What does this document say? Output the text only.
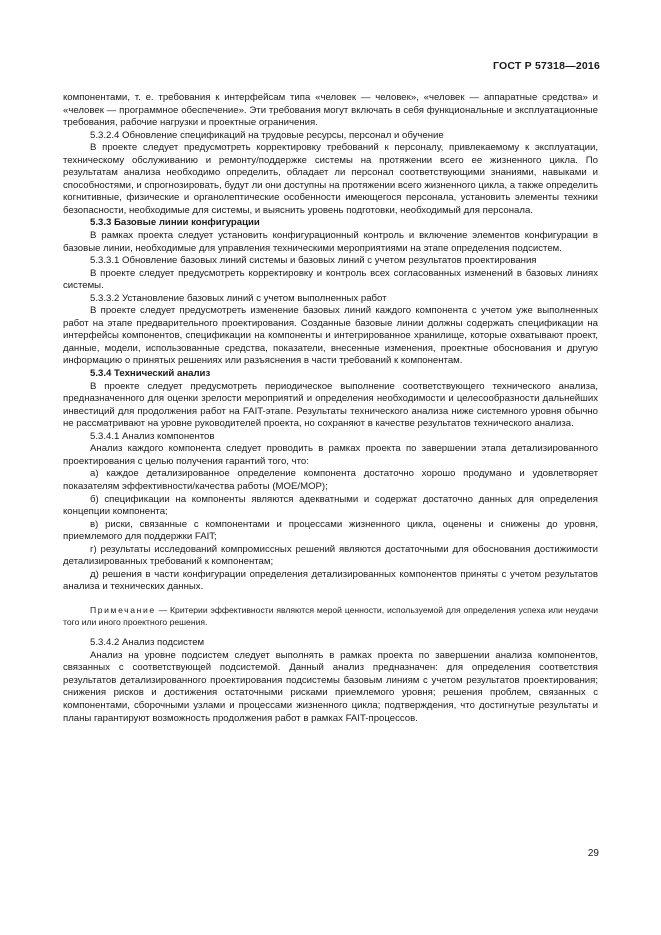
ГОСТ Р 57318—2016

компонентами, т. е. требования к интерфейсам типа «человек — человек», «человек — аппаратные средства» и «человек — программное обеспечение». Эти требования могут включать в себя функциональные и эксплуатационные требования, рабочие нагрузки и проектные ограничения.

5.3.2.4 Обновление спецификаций на трудовые ресурсы, персонал и обучение

В проекте следует предусмотреть корректировку требований к персоналу, привлекаемому к эксплуатации, техническому обслуживанию и ремонту/поддержке системы на протяжении всего ее жизненного цикла. По результатам анализа необходимо определить, обладает ли персонал соответствующими знаниями, навыками и способностями, и спрогнозировать, будут ли они доступны на протяжении всего жизненного цикла, а также определить когнитивные, физические и органолептические особенности имеющегося персонала, установить элементы техники безопасности, необходимые для системы, и выяснить уровень подготовки, необходимый для персонала.

5.3.3 Базовые линии конфигурации

В рамках проекта следует установить конфигурационный контроль и включение элементов конфигурации в базовые линии, необходимые для управления техническими мероприятиями на этапе определения подсистем.

5.3.3.1 Обновление базовых линий системы и базовых линий с учетом результатов проектирования

В проекте следует предусмотреть корректировку и контроль всех согласованных изменений в базовых линиях системы.

5.3.3.2 Установление базовых линий с учетом выполненных работ

В проекте следует предусмотреть изменение базовых линий каждого компонента с учетом уже выполненных работ на этапе предварительного проектирования. Созданные базовые линии должны содержать спецификации на интерфейсы компонентов, спецификации на компоненты и интегрированное хранилище, которые охватывают проект, данные, модели, использованные средства, показатели, внесенные изменения, проектные обоснования и другую информацию о принятых решениях или разъяснения в части требований к компонентам.

5.3.4 Технический анализ

В проекте следует предусмотреть периодическое выполнение соответствующего технического анализа, предназначенного для оценки зрелости мероприятий и определения необходимости и целесообразности дальнейших инвестиций для продолжения работ на FAIT-этапе. Результаты технического анализа ниже системного уровня обычно не рассматривают на уровне руководителей проекта, но сохраняют в качестве результатов технического анализа.

5.3.4.1 Анализ компонентов

Анализ каждого компонента следует проводить в рамках проекта по завершении этапа детализированного проектирования с целью получения гарантий того, что:

а) каждое детализированное определение компонента достаточно хорошо продумано и удовлетворяет показателям эффективности/качества работы (MOE/MOP);

б) спецификации на компоненты являются адекватными и содержат достаточно данных для определения концепции компонента;

в) риски, связанные с компонентами и процессами жизненного цикла, оценены и снижены до уровня, приемлемого для поддержки FAIT;

г) результаты исследований компромиссных решений являются достаточными для обоснования достижимости детализированных требований к компонентам;

д) решения в части конфигурации определения детализированных компонентов приняты с учетом результатов анализа и технических данных.

Примечание — Критерии эффективности являются мерой ценности, используемой для определения успеха или неудачи того или иного проектного решения.

5.3.4.2 Анализ подсистем

Анализ на уровне подсистем следует выполнять в рамках проекта по завершении анализа компонентов, связанных с соответствующей подсистемой. Данный анализ предназначен: для определения соответствия результатов детализированного проектирования подсистемы базовым линиям с учетом результатов проектирования; снижения рисков и достижения остаточными рисками приемлемого уровня; решения проблем, связанных с компонентами, сборочными узлами и процессами жизненного цикла; подтверждения, что достигнутые результаты и планы гарантируют возможность продолжения работ в рамках FAIT-процессов.

29
